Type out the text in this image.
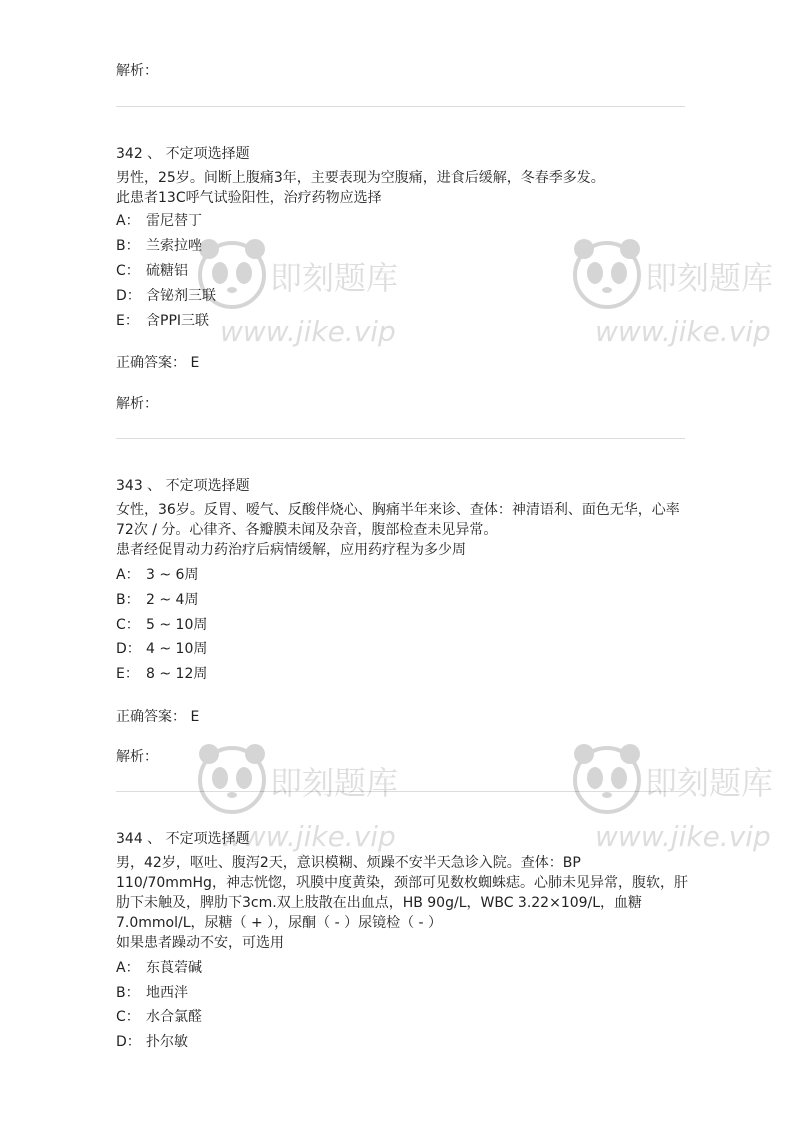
解析：
342 、 不定项选择题
男性，25岁。间断上腹痛3年，主要表现为空腹痛，进食后缓解，冬春季多发。
此患者13C呼气试验阳性，治疗药物应选择
A： 雷尼替丁
B： 兰索拉唑
C： 硫糖铝
D： 含铋剂三联
E： 含PPI三联
正确答案： E
解析：
343 、 不定项选择题
女性，36岁。反胃、嗳气、反酸伴烧心、胸痛半年来诊、查体：神清语利、面色无华，心率72次 / 分。心律齐、各瓣膜未闻及杂音，腹部检查未见异常。
患者经促胃动力药治疗后病情缓解，应用药疗程为多少周
A： 3 ~ 6周
B： 2 ~ 4周
C： 5 ~ 10周
D： 4 ~ 10周
E： 8 ~ 12周
正确答案： E
解析：
344 、 不定项选择题
男，42岁，呕吐、腹泻2天，意识模糊、烦躁不安半天急诊入院。查体：BP 110/70mmHg，神志恍惚，巩膜中度黄染，颈部可见数枚蜘蛛痣。心肺未见异常，腹软，肝肋下未触及，脾肋下3cm.双上肢散在出血点，HB 90g/L，WBC 3.22×109/L，血糖7.0mmol/L，尿糖（ + ），尿酮（ - ）尿镜检（ - ）
如果患者躁动不安，可选用
A： 东莨菪碱
B： 地西泮
C： 水合氯醛
D： 扑尔敏
即刻题库
www.jike.vip
即刻题库
www.jike.vip
即刻题库
www.jike.vip
即刻题库
www.jike.vip
